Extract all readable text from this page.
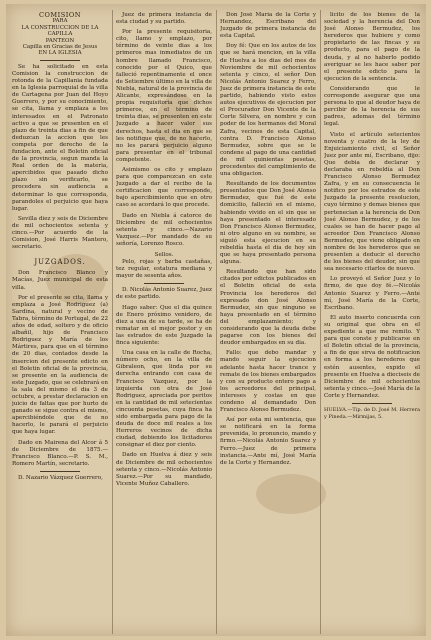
COMISION
PARA
LA CONSTRUCCION DE LA CAPILLA
PANTEON
Capilla en Gracias de Jesus
EN LA IGLESIA

Se ha solicitado en esta Comision la construccion de rotonda de la Capillania fundada en la Iglesia parroquial de la villa de Cartagena por Juan del Hoyo Guerrero, y por su conocimiento, se cita, llama y emplaza a los interesados en el Patronato activo a que se presenten en el plazo de treinta dias a fin de que deduzcan la accion que les competa por derecho de la fundacion, ante el Boletin oficial de la provincia, segun manda la Real orden de la materia, apercibidos que pasado dicho plazo sin verificarlo, se procedera sin audiencia a determinar lo que corresponda, parandoles el perjuicio que haya lugar.

Sevilla diez y seis de Diciembre de mil ochocientos setenta y cinco.—Por acuerdo de la Comision, José Harris Mantero, secretario.

JUZGADOS.

Don Francisco Blanco y Macías, Juez municipal de esta villa.

Por el presente se cita, llama y emplaza a José Rodriguez (a) Sardina, natural y vecino de Tabra, término de Portugal, de 22 años de edad, soltero y de oficio albañil, hijo de Francisco Rodriguez y María de los Mártires, para que en el término de 20 dias, contados desde la insercion del presente edicto en el Boletin oficial de la provincia, se presente en la audiencia de este Juzgado, que se celebrará en la sala del mismo el dia 3 de octubre, a prestar declaracion en juicio de faltas que por hurto de ganado se sigue contra el mismo, apercibiéndole que de no hacerlo, le parará el perjuicio que haya lugar.

Dado en Mairena del Alcor á 5 de Diciembre de 1875.—Francisco Blanco.—P. S. M., Romero Martín, secretario.

D. Nazario Vázquez Guerrero,

Juez de primera instancia de esta ciudad y su partido.

Por la presente requisitoria, cito, llamo y emplazo, por término de veinte dias a los primeros mas inmediatos de un hombre llamado Francisco, conocido por el Quico, que falleció repentinamente el once de Setiembre último en la villa de Niebla, natural de la provincia de Alicante, expresándose en la propia requisitoria que dichos primeros, en el término de treinta dias, se presenten en este Juzgado a hacer valer sus derechos, hasta el dia en que se les notifique que, de no hacerlo, no les parará perjuicio alguno para presentar en el tribunal competente.

Asimismo os cito y emplazo para que comparezcan en este Juzgado a dar el recibo de la certificacion que corresponde, bajo apercibimiento que en otro caso se acordará lo que procede.

Dado en Niebla á catorce de Diciembre de mil ochocientos setenta y cinco.—Nazario Vazquez.—Por mandado de su señoría, Lorenzo Rosco.

Sellos.

Pelo, rojas y barba castañas, tez regular, estatura mediana y mayor de sesenta años.

D. Nicolás Antonio Suarez, Juez de este partido.

Hago saber: Que el dia quince de Enero próximo venidero, de diez a una de su tarde, se ha de rematar en el mejor postor y en las estrados de este Juzgado la finca siguiente:

Una casa en la calle de Rocha, número ocho, en la villa de Gibraleon, que linda por su derecha entrando con casa de Francisco Vazquez, por la izquierda con otra de José Rodriguez, apreciada por peritos en la cantidad de mil setecientas cincuenta pesetas, cuya finca ha sido embargada para pago de la deuda de doce mil reales a los Herreros vecinos de dicha ciudad, debiendo los licitadores consignar el diez por ciento.

Dado en Huelva á diez y seis de Diciembre de mil ochocientos setenta y cinco.—Nicolás Antonio Suarez.—Por su mandado, Vicente Muñoz Caballero.

Don José María de la Corte y Hernandez, Escribano del Juzgado de primera instancia de esta Capital.

Doy fé: Que en los autos de los que se hará mencion, en la villa de Huelva a los dias del mes de Noviembre de mil ochocientos setenta y cinco, el señor Don Nicolás Antonio Suarez y Ferro, Juez de primera instancia de este partido, habiendo visto estos autos ejecutivos de ejecucion por el Procurador Don Vicente de la Corte Silvera, en nombre y con poder de los hermanos del Moral Zafra, vecinos de esta Capital, contra D. Francisco Alonso Bermudez, sobre que se le condene al pago de una cantidad de mil quinientas pesetas, procedentes del cumplimiento de una obligacion.

Resultando de los documentos presentados que Don José Alonso Bermudez, que fué de este domicilio, falleció en el mismo, habiendo vivido en el sin que se haya presentado el interesado Don Francisco Alonso Bermudez, ni otro alguno en su nombre, se siguió esta ejecucion en su rebeldía hasta el dia de hoy sin que se haya presentado persona alguna.

Resultando que han sido citados por edictos publicados en el Boletin oficial de esta Provincia los herederos del expresado don José Alonso Bermudez, sin que ninguno se haya presentado en el término del emplazamiento; y considerando que la deuda debe pagarse con los bienes del deudor embargados en su dia.

Fallo: que debo mandar y mando seguir la ejecucion adelante hasta hacer trance y remate de los bienes embargados y con su producto entero pago a los acreedores del principal, intereses y costas en que condeno al demandado Don Francisco Alonso Bermudez.

Así por esta mi sentencia, que se notificará en la forma prevenida, lo pronuncio, mando y firmo.—Nicolás Antonio Suarez y Ferro.—Juez de primera instancia.—Ante mí, José María de la Corte y Hernandez.

licito de los bienes de la sociedad y la herencia del Don José Alonso Bermudez, los herederos que hubiere y como propietario de las fincas y su producto, para el pago de la deuda, y al no haberlo podido averiguar se les hace saber por el presente edicto para la ejecucion de la sentencia.

Considerando que le corresponde asegurar que una persona lo que al deudor haya de percibir de la herencia de sus padres, ademas del término legal.

Visto el artículo setecientos noventa y cuatro de la ley de Enjuiciamiento civil, el Señor Juez por ante mí, Escribano, dijo: Que debia de declarar y declaraba en rebeldía al Don Francisco Alonso Bermudez Zafra, y en su consecuencia le notifico por los estrados de este Juzgado la presente resolucion, cuyo término y demas bienes que pertenecian a la herencia de Don José Alonso Bermudez, y de los cuales se han de hacer pago al acreedor Don Francisco Alonso Bermudez, que viene obligado en nombre de los herederos que se presenten a deducir el derecho de los bienes del deudor, sin que sea necesario citarlos de nuevo.

Lo proveyó el Señor Juez y lo firmo, de que doy fé.—Nicolás Antonio Suarez y Ferro.—Ante mí, José María de la Corte, Escribano.

El auto inserto concuerda con su original que obra en el expediente a que me remito. Y para que conste y publicarse en el Boletin oficial de la provincia, a fin de que sirva de notificacion en forma a los herederos que estén ausentes, expido el presente en Huelva a dieciseis de Diciembre de mil ochocientos setenta y cinco.—José María de la Corte y Hernandez.

HUELVA.—Tip. de D. José M. Herrera y Pineda.—Mirmijas, 5.
